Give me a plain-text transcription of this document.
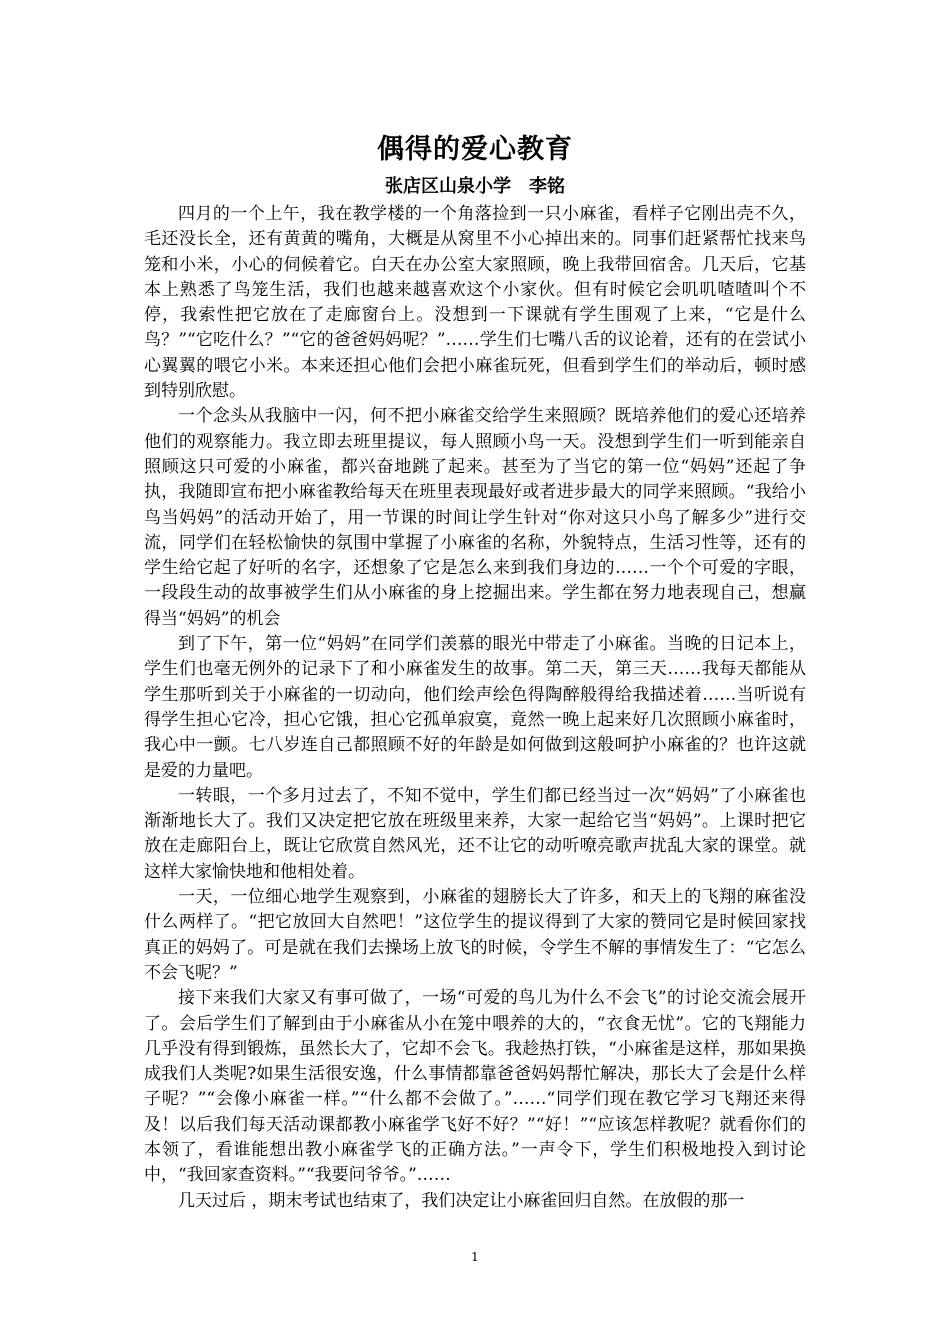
偶得的爱心教育
张店区山泉小学　李铭

四月的一个上午，我在教学楼的一个角落捡到一只小麻雀，看样子它刚出壳不久，毛还没长全，还有黄黄的嘴角，大概是从窝里不小心掉出来的。同事们赶紧帮忙找来鸟笼和小米，小心的伺候着它。白天在办公室大家照顾，晚上我带回宿舍。几天后，它基本上熟悉了鸟笼生活，我们也越来越喜欢这个小家伙。但有时候它会叽叽喳喳叫个不停，我索性把它放在了走廊窗台上。没想到一下课就有学生围观了上来，“它是什么鸟？”“它吃什么？”“它的爸爸妈妈呢？”……学生们七嘴八舌的议论着，还有的在尝试小心翼翼的喂它小米。本来还担心他们会把小麻雀玩死，但看到学生们的举动后，顿时感到特别欣慰。

一个念头从我脑中一闪，何不把小麻雀交给学生来照顾？既培养他们的爱心还培养他们的观察能力。我立即去班里提议，每人照顾小鸟一天。没想到学生们一听到能亲自照顾这只可爱的小麻雀，都兴奋地跳了起来。甚至为了当它的第一位“妈妈”还起了争执，我随即宣布把小麻雀教给每天在班里表现最好或者进步最大的同学来照顾。“我给小鸟当妈妈”的活动开始了，用一节课的时间让学生针对“你对这只小鸟了解多少”进行交流，同学们在轻松愉快的氛围中掌握了小麻雀的名称，外貌特点，生活习性等，还有的学生给它起了好听的名字，还想象了它是怎么来到我们身边的……一个个可爱的字眼，一段段生动的故事被学生们从小麻雀的身上挖掘出来。学生都在努力地表现自己，想赢得当“妈妈”的机会

到了下午，第一位“妈妈”在同学们羡慕的眼光中带走了小麻雀。当晚的日记本上，学生们也毫无例外的记录下了和小麻雀发生的故事。第二天，第三天……我每天都能从学生那听到关于小麻雀的一切动向，他们绘声绘色得陶醉般得给我描述着……当听说有得学生担心它冷，担心它饿，担心它孤单寂寞，竟然一晚上起来好几次照顾小麻雀时，我心中一颤。七八岁连自己都照顾不好的年龄是如何做到这般呵护小麻雀的？也许这就是爱的力量吧。

一转眼，一个多月过去了，不知不觉中，学生们都已经当过一次“妈妈”了小麻雀也渐渐地长大了。我们又决定把它放在班级里来养，大家一起给它当“妈妈”。上课时把它放在走廊阳台上，既让它欣赏自然风光，还不让它的动听嘹亮歌声扰乱大家的课堂。就这样大家愉快地和他相处着。

一天，一位细心地学生观察到，小麻雀的翅膀长大了许多，和天上的飞翔的麻雀没什么两样了。“把它放回大自然吧！”这位学生的提议得到了大家的赞同它是时候回家找真正的妈妈了。可是就在我们去操场上放飞的时候，令学生不解的事情发生了：“它怎么不会飞呢？”

接下来我们大家又有事可做了，一场“可爱的鸟儿为什么不会飞”的讨论交流会展开了。会后学生们了解到由于小麻雀从小在笼中喂养的大的，“衣食无忧”。它的飞翔能力几乎没有得到锻炼，虽然长大了，它却不会飞。我趁热打铁，“小麻雀是这样，那如果换成我们人类呢?如果生活很安逸，什么事情都靠爸爸妈妈帮忙解决，那长大了会是什么样子呢？”“会像小麻雀一样。”“什么都不会做了。”……“同学们现在教它学习飞翔还来得及！以后我们每天活动课都教小麻雀学飞好不好？”“好！”“应该怎样教呢？就看你们的本领了，看谁能想出教小麻雀学飞的正确方法。”一声令下，学生们积极地投入到讨论中，“我回家查资料。”“我要问爷爷。”……

几天过后 ，期末考试也结束了，我们决定让小麻雀回归自然。在放假的那一

1
